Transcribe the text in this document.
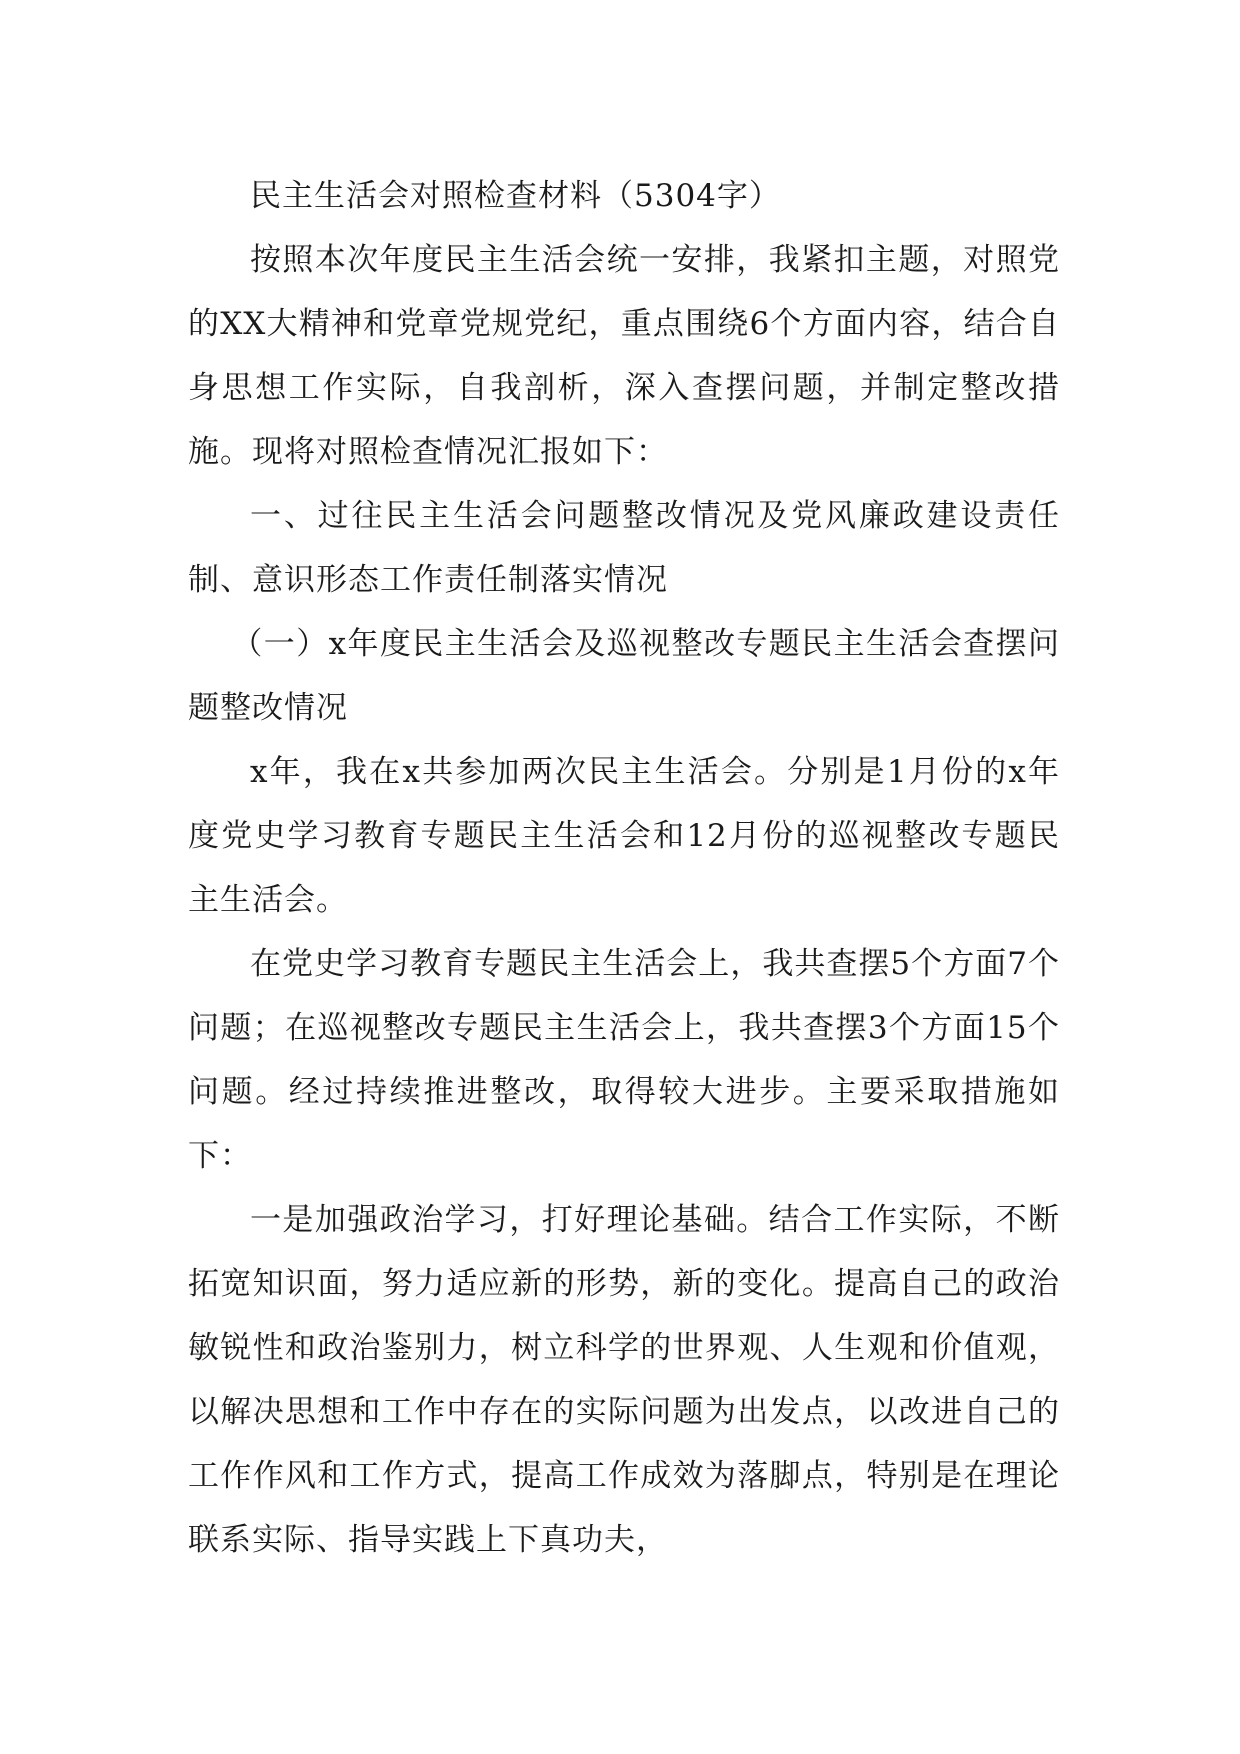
民主生活会对照检查材料（5304字）

按照本次年度民主生活会统一安排，我紧扣主题，对照党的XX大精神和党章党规党纪，重点围绕6个方面内容，结合自身思想工作实际，自我剖析，深入查摆问题，并制定整改措施。现将对照检查情况汇报如下：

一、过往民主生活会问题整改情况及党风廉政建设责任制、意识形态工作责任制落实情况

（一）x年度民主生活会及巡视整改专题民主生活会查摆问题整改情况

x年，我在x共参加两次民主生活会。分别是1月份的x年度党史学习教育专题民主生活会和12月份的巡视整改专题民主生活会。

在党史学习教育专题民主生活会上，我共查摆5个方面7个问题；在巡视整改专题民主生活会上，我共查摆3个方面15个问题。经过持续推进整改，取得较大进步。主要采取措施如下：

一是加强政治学习，打好理论基础。结合工作实际，不断拓宽知识面，努力适应新的形势，新的变化。提高自己的政治敏锐性和政治鉴别力，树立科学的世界观、人生观和价值观，以解决思想和工作中存在的实际问题为出发点，以改进自己的工作作风和工作方式，提高工作成效为落脚点，特别是在理论联系实际、指导实践上下真功夫，
